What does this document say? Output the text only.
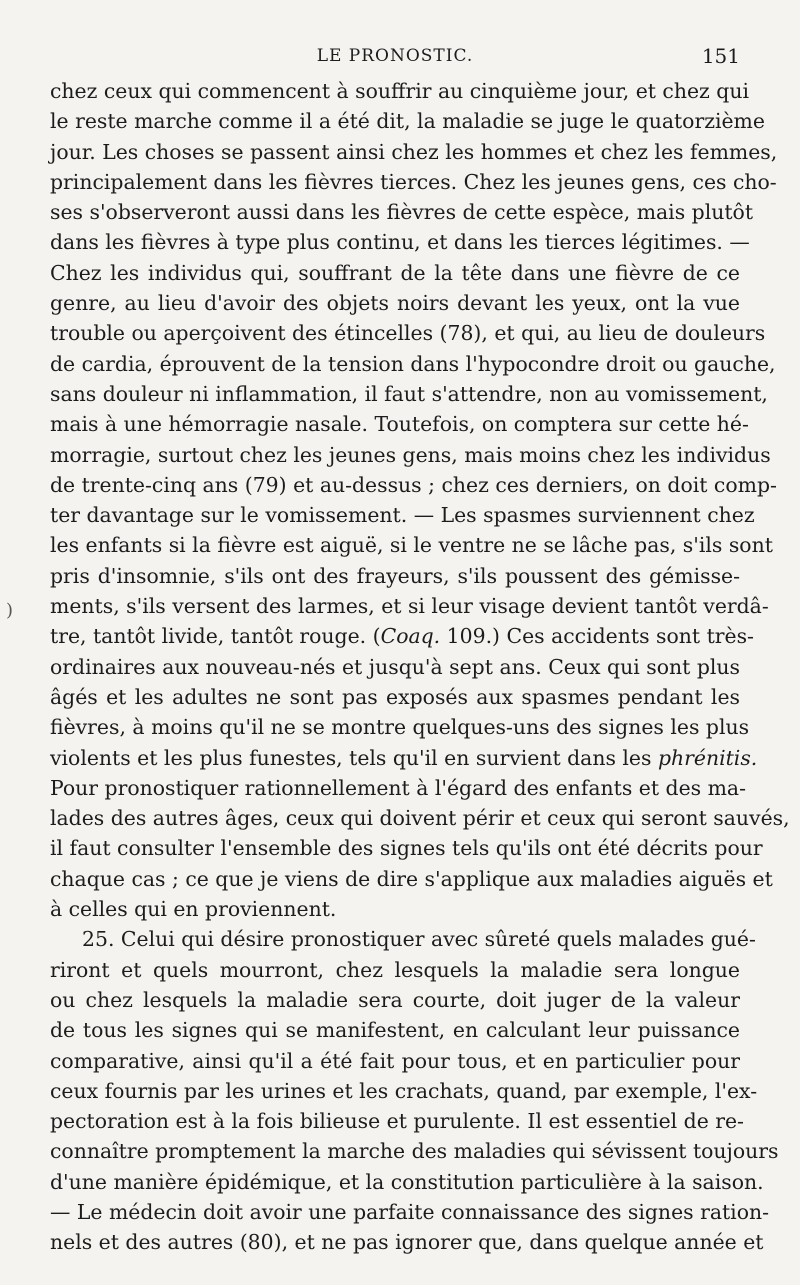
LE PRONOSTIC.	151
)
chez ceux qui commencent à souffrir au cinquième jour, et chez qui
le reste marche comme il a été dit, la maladie se juge le quatorzième
jour. Les choses se passent ainsi chez les hommes et chez les femmes,
principalement dans les fièvres tierces. Chez les jeunes gens, ces cho-
ses s'observeront aussi dans les fièvres de cette espèce, mais plutôt
dans les fièvres à type plus continu, et dans les tierces légitimes. —
Chez les individus qui, souffrant de la tête dans une fièvre de ce
genre, au lieu d'avoir des objets noirs devant les yeux, ont la vue
trouble ou aperçoivent des étincelles (78), et qui, au lieu de douleurs
de cardia, éprouvent de la tension dans l'hypocondre droit ou gauche,
sans douleur ni inflammation, il faut s'attendre, non au vomissement,
mais à une hémorragie nasale. Toutefois, on comptera sur cette hé-
morragie, surtout chez les jeunes gens, mais moins chez les individus
de trente-cinq ans (79) et au-dessus ; chez ces derniers, on doit comp-
ter davantage sur le vomissement. — Les spasmes surviennent chez
les enfants si la fièvre est aiguë, si le ventre ne se lâche pas, s'ils sont
pris d'insomnie, s'ils ont des frayeurs, s'ils poussent des gémisse-
ments, s'ils versent des larmes, et si leur visage devient tantôt verdâ-
tre, tantôt livide, tantôt rouge. (Coaq. 109.) Ces accidents sont très-
ordinaires aux nouveau-nés et jusqu'à sept ans. Ceux qui sont plus
âgés et les adultes ne sont pas exposés aux spasmes pendant les
fièvres, à moins qu'il ne se montre quelques-uns des signes les plus
violents et les plus funestes, tels qu'il en survient dans les phrénitis.
Pour pronostiquer rationnellement à l'égard des enfants et des ma-
lades des autres âges, ceux qui doivent périr et ceux qui seront sauvés,
il faut consulter l'ensemble des signes tels qu'ils ont été décrits pour
chaque cas ; ce que je viens de dire s'applique aux maladies aiguës et
à celles qui en proviennent.
25. Celui qui désire pronostiquer avec sûreté quels malades gué-
riront et quels mourront, chez lesquels la maladie sera longue
ou chez lesquels la maladie sera courte, doit juger de la valeur
de tous les signes qui se manifestent, en calculant leur puissance
comparative, ainsi qu'il a été fait pour tous, et en particulier pour
ceux fournis par les urines et les crachats, quand, par exemple, l'ex-
pectoration est à la fois bilieuse et purulente. Il est essentiel de re-
connaître promptement la marche des maladies qui sévissent toujours
d'une manière épidémique, et la constitution particulière à la saison.
— Le médecin doit avoir une parfaite connaissance des signes ration-
nels et des autres (80), et ne pas ignorer que, dans quelque année et
